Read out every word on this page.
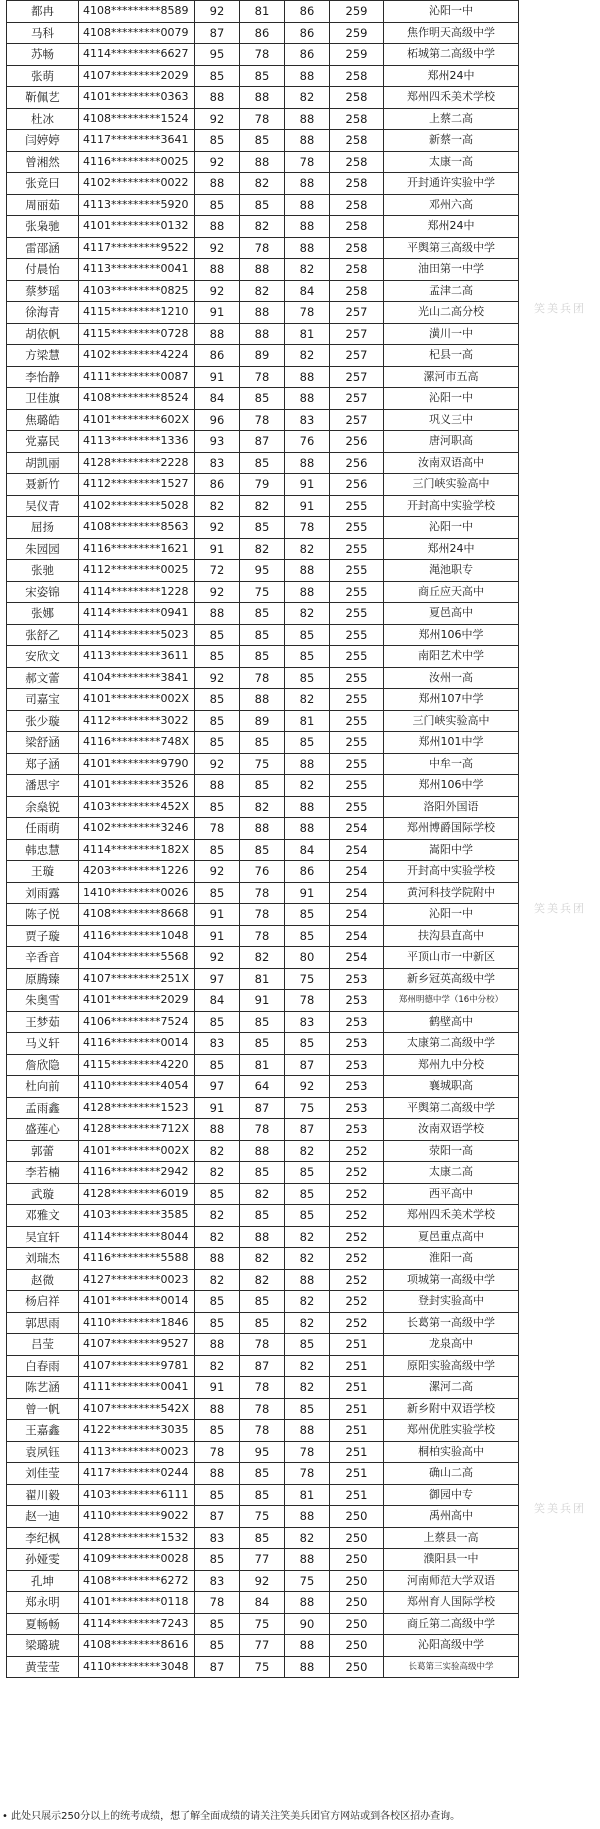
都冉	4108*********8589	92	81	86	259	沁阳一中
马科	4108*********0079	87	86	86	259	焦作明天高级中学
苏畅	4114*********6627	95	78	86	259	柘城第二高级中学
张萌	4107*********2029	85	85	88	258	郑州24中
靳佩艺	4101*********0363	88	88	82	258	郑州四禾美术学校
杜冰	4108*********1524	92	78	88	258	上蔡二高
闫婷婷	4117*********3641	85	85	88	258	新蔡一高
曾湘然	4116*********0025	92	88	78	258	太康一高
张竞曰	4102*********0022	88	82	88	258	开封通许实验中学
周丽茹	4113*********5920	85	85	88	258	邓州六高
张枭驰	4101*********0132	88	82	88	258	郑州24中
雷邵涵	4117*********9522	92	78	88	258	平舆第三高级中学
付晨怡	4113*********0041	88	88	82	258	油田第一中学
蔡梦瑶	4103*********0825	92	82	84	258	孟津二高
徐海青	4115*********1210	91	88	78	257	光山二高分校
胡依帆	4115*********0728	88	88	81	257	潢川一中
方梁慧	4102*********4224	86	89	82	257	杞县一高
李怡静	4111*********0087	91	78	88	257	漯河市五高
卫佳旗	4108*********8524	84	85	88	257	沁阳一中
焦璐皓	4101*********602X	96	78	83	257	巩义三中
党嘉民	4113*********1336	93	87	76	256	唐河职高
胡凯丽	4128*********2228	83	85	88	256	汝南双语高中
聂新竹	4112*********1527	86	79	91	256	三门峡实验高中
吴仪青	4102*********5028	82	82	91	255	开封高中实验学校
屈扬	4108*********8563	92	85	78	255	沁阳一中
朱园园	4116*********1621	91	82	82	255	郑州24中
张驰	4112*********0025	72	95	88	255	渑池职专
宋姿锦	4114*********1228	92	75	88	255	商丘应天高中
张娜	4114*********0941	88	85	82	255	夏邑高中
张舒乙	4114*********5023	85	85	85	255	郑州106中学
安欣文	4113*********3611	85	85	85	255	南阳艺术中学
郝文蕾	4104*********3841	92	78	85	255	汝州一高
司嘉宝	4101*********002X	85	88	82	255	郑州107中学
张少璇	4112*********3022	85	89	81	255	三门峡实验高中
梁舒涵	4116*********748X	85	85	85	255	郑州101中学
郑子涵	4101*********9790	92	75	88	255	中牟一高
潘思宇	4101*********3526	88	85	82	255	郑州106中学
余燊锐	4103*********452X	85	82	88	255	洛阳外国语
任雨萌	4102*********3246	78	88	88	254	郑州博爵国际学校
韩忠慧	4114*********182X	85	85	84	254	嵩阳中学
王璇	4203*********1226	92	76	86	254	开封高中实验学校
刘雨露	1410*********0026	85	78	91	254	黄河科技学院附中
陈子悦	4108*********8668	91	78	85	254	沁阳一中
贾子璇	4116*********1048	91	78	85	254	扶沟县直高中
辛香音	4104*********5568	92	82	80	254	平顶山市一中新区
原腾臻	4107*********251X	97	81	75	253	新乡冠英高级中学
朱奥雪	4101*********2029	84	91	78	253	郑州明德中学（16中分校）
王梦茹	4106*********7524	85	85	83	253	鹤壁高中
马义轩	4116*********0014	83	85	85	253	太康第二高级中学
詹欣隐	4115*********4220	85	81	87	253	郑州九中分校
杜向前	4110*********4054	97	64	92	253	襄城职高
孟雨鑫	4128*********1523	91	87	75	253	平舆第二高级中学
盛莲心	4128*********712X	88	78	87	253	汝南双语学校
郭蕾	4101*********002X	82	88	82	252	荥阳一高
李若楠	4116*********2942	82	85	85	252	太康二高
武璇	4128*********6019	85	82	85	252	西平高中
邓雅文	4103*********3585	82	85	85	252	郑州四禾美术学校
吴宜轩	4114*********8044	82	88	82	252	夏邑重点高中
刘瑞杰	4116*********5588	88	82	82	252	淮阳一高
赵微	4127*********0023	82	82	88	252	项城第一高级中学
杨启祥	4101*********0014	85	85	82	252	登封实验高中
郭思雨	4110*********1846	85	85	82	252	长葛第一高级中学
吕莹	4107*********9527	88	78	85	251	龙泉高中
白春雨	4107*********9781	82	87	82	251	原阳实验高级中学
陈艺涵	4111*********0041	91	78	82	251	漯河二高
曾一帆	4107*********542X	88	78	85	251	新乡附中双语学校
王嘉鑫	4122*********3035	85	78	88	251	郑州优胜实验学校
袁夙钰	4113*********0023	78	95	78	251	桐柏实验高中
刘佳莹	4117*********0244	88	85	78	251	确山二高
翟川毅	4103*********6111	85	85	81	251	御园中专
赵一迪	4110*********9022	87	75	88	250	禹州高中
李纪枫	4128*********1532	83	85	82	250	上蔡县一高
孙娅雯	4109*********0028	85	77	88	250	濮阳县一中
孔坤	4108*********6272	83	92	75	250	河南师范大学双语
郑永明	4101*********0118	78	84	88	250	郑州育人国际学校
夏畅畅	4114*********7243	85	75	90	250	商丘第二高级中学
梁璐琥	4108*********8616	85	77	88	250	沁阳高级中学
黄莹莹	4110*********3048	87	75	88	250	长葛第三实验高级中学
笑美兵团
笑美兵团
笑美兵团
• 此处只展示250分以上的统考成绩，想了解全面成绩的请关注笑美兵团官方网站或到各校区招办查询。
